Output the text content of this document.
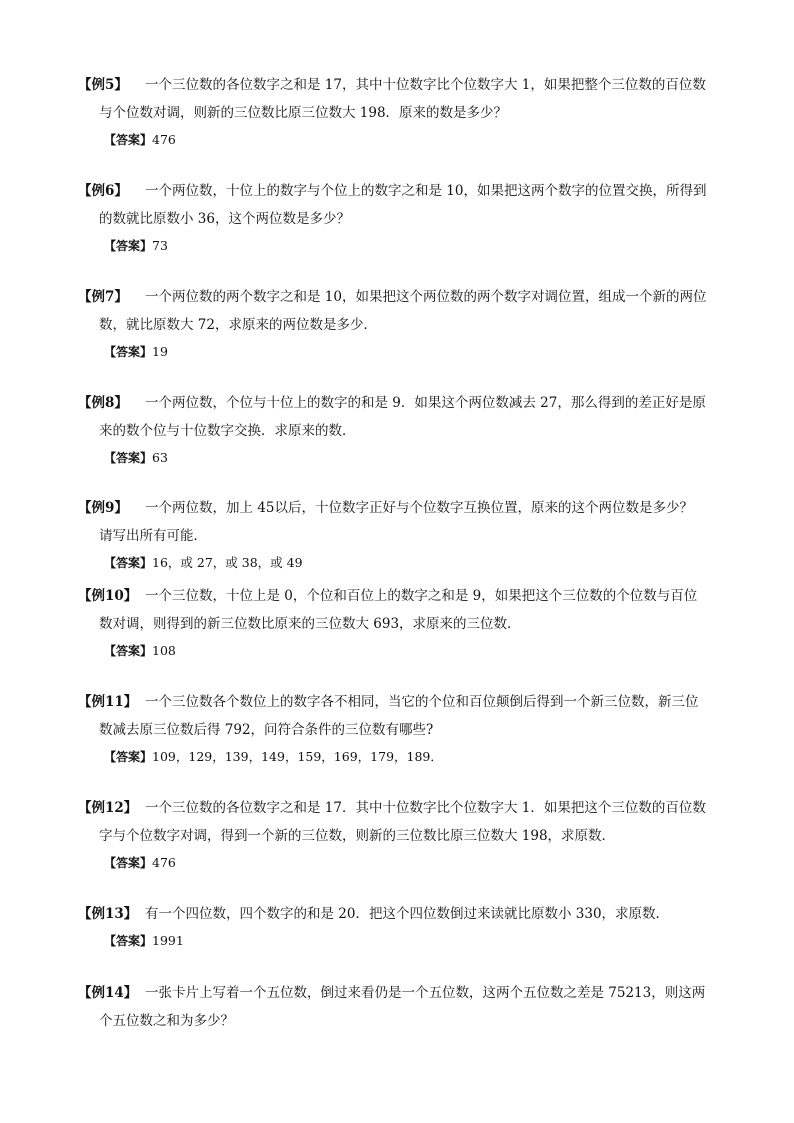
【例5】 一个三位数的各位数字之和是 17，其中十位数字比个位数字大 1，如果把整个三位数的百位数
与个位数对调，则新的三位数比原三位数大 198．原来的数是多少？
【答案】476
【例6】 一个两位数，十位上的数字与个位上的数字之和是 10，如果把这两个数字的位置交换，所得到
的数就比原数小 36，这个两位数是多少？
【答案】73
【例7】 一个两位数的两个数字之和是 10，如果把这个两位数的两个数字对调位置，组成一个新的两位
数，就比原数大 72，求原来的两位数是多少．
【答案】19
【例8】 一个两位数，个位与十位上的数字的和是 9．如果这个两位数减去 27，那么得到的差正好是原
来的数个位与十位数字交换．求原来的数．
【答案】63
【例9】 一个两位数，加上 45以后，十位数字正好与个位数字互换位置，原来的这个两位数是多少？
请写出所有可能．
【答案】16，或 27，或 38，或 49
【例10】 一个三位数，十位上是 0，个位和百位上的数字之和是 9，如果把这个三位数的个位数与百位
数对调，则得到的新三位数比原来的三位数大 693，求原来的三位数．
【答案】108
【例11】 一个三位数各个数位上的数字各不相同，当它的个位和百位颠倒后得到一个新三位数，新三位
数减去原三位数后得 792，问符合条件的三位数有哪些?
【答案】109，129，139，149，159，169，179，189．
【例12】 一个三位数的各位数字之和是 17．其中十位数字比个位数字大 1．如果把这个三位数的百位数
字与个位数字对调，得到一个新的三位数，则新的三位数比原三位数大 198，求原数．
【答案】476
【例13】 有一个四位数，四个数字的和是 20．把这个四位数倒过来读就比原数小 330，求原数．
【答案】1991
【例14】 一张卡片上写着一个五位数，倒过来看仍是一个五位数，这两个五位数之差是 75213，则这两
个五位数之和为多少？
